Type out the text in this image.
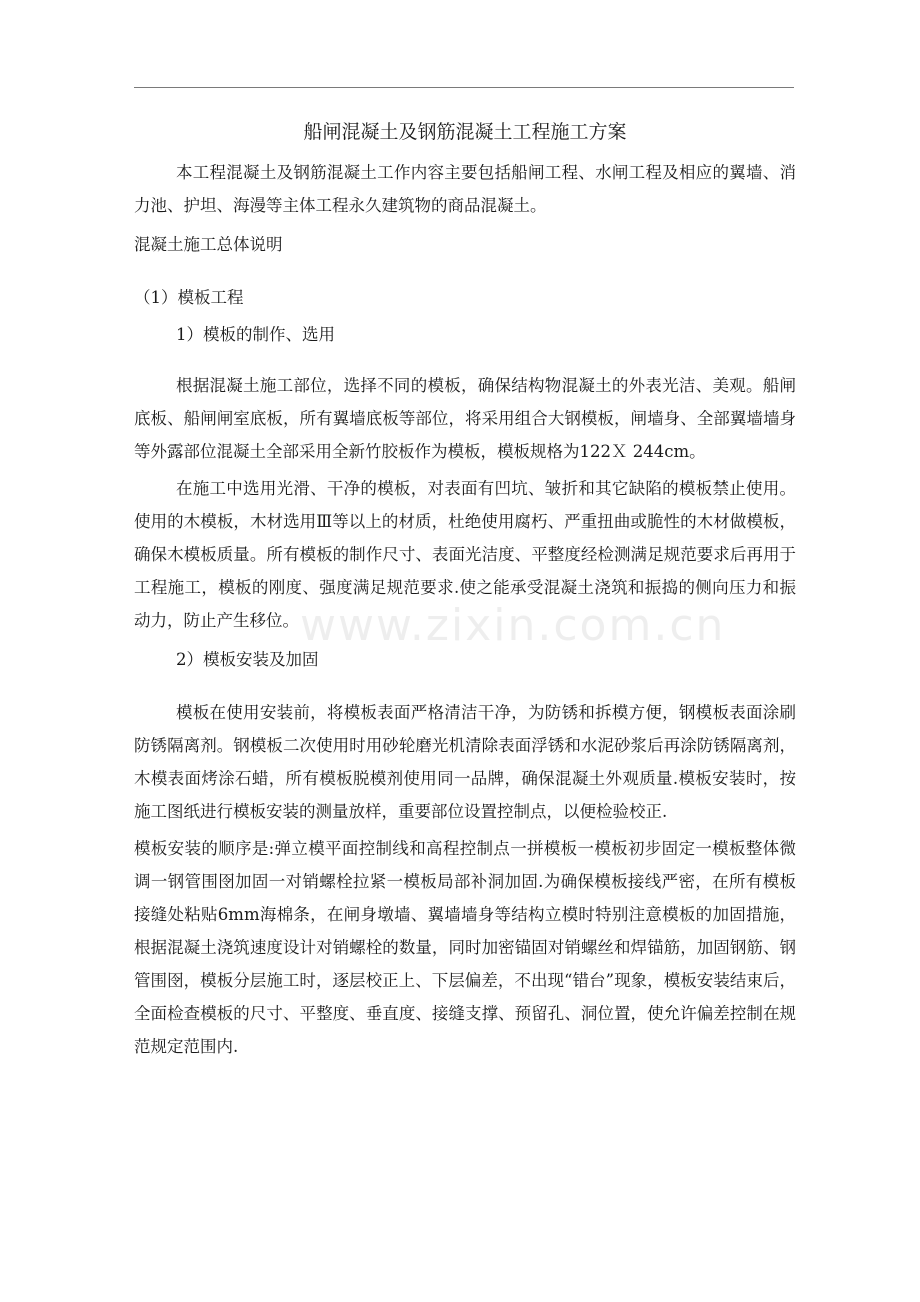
www.zixin.com.cn
船闸混凝土及钢筋混凝土工程施工方案

本工程混凝土及钢筋混凝土工作内容主要包括船闸工程、水闸工程及相应的翼墙、消力池、护坦、海漫等主体工程永久建筑物的商品混凝土。

混凝土施工总体说明

（1）模板工程

1）模板的制作、选用

根据混凝土施工部位，选择不同的模板，确保结构物混凝土的外表光洁、美观。船闸底板、船闸闸室底板，所有翼墙底板等部位，将采用组合大钢模板，闸墙身、全部翼墙墙身等外露部位混凝土全部采用全新竹胶板作为模板，模板规格为122Ｘ 244cm。

在施工中选用光滑、干净的模板，对表面有凹坑、皱折和其它缺陷的模板禁止使用。使用的木模板，木材选用Ⅲ等以上的材质，杜绝使用腐朽、严重扭曲或脆性的木材做模板，确保木模板质量。所有模板的制作尺寸、表面光洁度、平整度经检测满足规范要求后再用于工程施工，模板的刚度、强度满足规范要求.使之能承受混凝土浇筑和振捣的侧向压力和振动力，防止产生移位。

2）模板安装及加固

模板在使用安装前，将模板表面严格清洁干净，为防锈和拆模方便，钢模板表面涂刷防锈隔离剂。钢模板二次使用时用砂轮磨光机清除表面浮锈和水泥砂浆后再涂防锈隔离剂，木模表面烤涂石蜡，所有模板脱模剂使用同一品牌，确保混凝土外观质量.模板安装时，按施工图纸进行模板安装的测量放样，重要部位设置控制点，以便检验校正.

模板安装的顺序是:弹立模平面控制线和高程控制点一拼模板一模板初步固定一模板整体微调一钢管围囹加固一对销螺栓拉紧一模板局部补洞加固.为确保模板接线严密，在所有模板接缝处粘贴6mm海棉条，在闸身墩墙、翼墙墙身等结构立模时特别注意模板的加固措施，根据混凝土浇筑速度设计对销螺栓的数量，同时加密锚固对销螺丝和焊锚筋，加固钢筋、钢管围囹，模板分层施工时，逐层校正上、下层偏差，不出现“错台”现象，模板安装结束后，全面检查模板的尺寸、平整度、垂直度、接缝支撑、预留孔、洞位置，使允许偏差控制在规范规定范围内.
